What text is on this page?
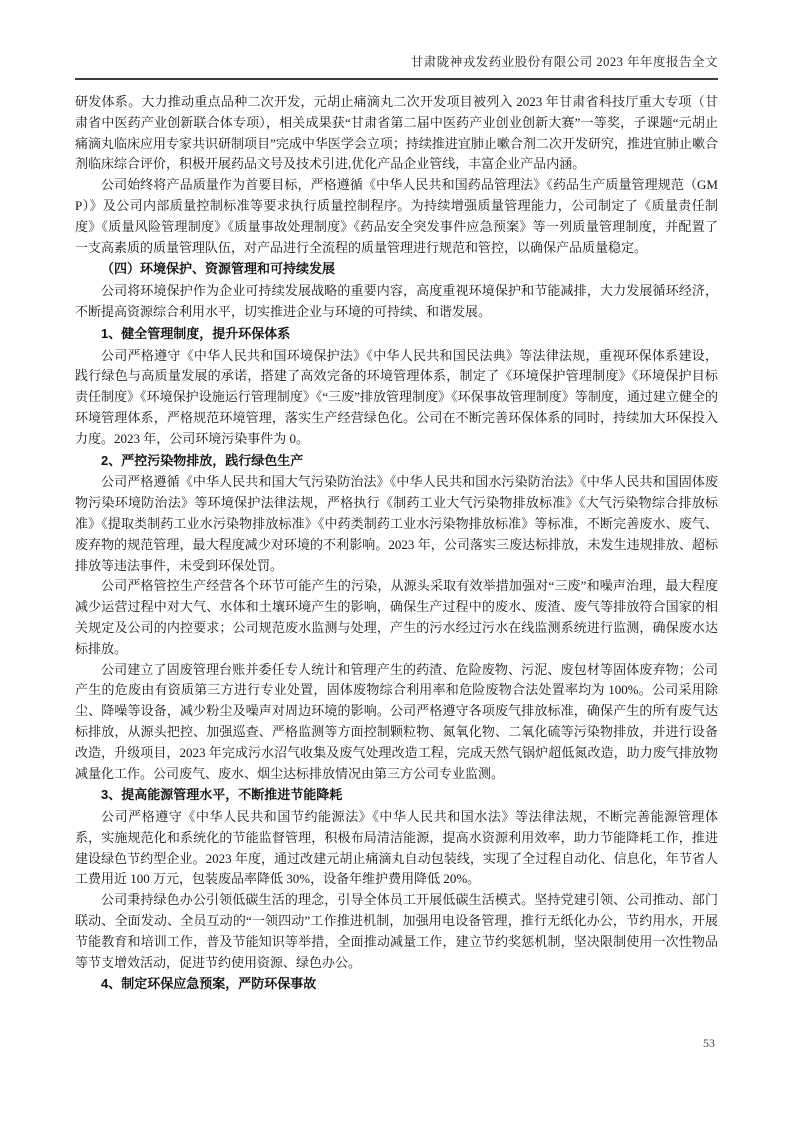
甘肃陇神戎发药业股份有限公司 2023 年年度报告全文

研发体系。大力推动重点品种二次开发，元胡止痛滴丸二次开发项目被列入 2023 年甘肃省科技厅重大专项（甘肃省中医药产业创新联合体专项），相关成果获“甘肃省第二届中医药产业创业创新大赛”一等奖，子课题“元胡止痛滴丸临床应用专家共识研制项目”完成中华医学会立项；持续推进宜肺止嗽合剂二次开发研究，推进宜肺止嗽合剂临床综合评价，积极开展药品文号及技术引进,优化产品企业管线，丰富企业产品内涵。

公司始终将产品质量作为首要目标，严格遵循《中华人民共和国药品管理法》《药品生产质量管理规范（GMP）》及公司内部质量控制标准等要求执行质量控制程序。为持续增强质量管理能力，公司制定了《质量责任制度》《质量风险管理制度》《质量事故处理制度》《药品安全突发事件应急预案》等一列质量管理制度，并配置了一支高素质的质量管理队伍，对产品进行全流程的质量管理进行规范和管控，以确保产品质量稳定。

（四）环境保护、资源管理和可持续发展

公司将环境保护作为企业可持续发展战略的重要内容，高度重视环境保护和节能减排，大力发展循环经济，不断提高资源综合利用水平，切实推进企业与环境的可持续、和谐发展。

1、健全管理制度，提升环保体系

公司严格遵守《中华人民共和国环境保护法》《中华人民共和国民法典》等法律法规，重视环保体系建设，践行绿色与高质量发展的承诺，搭建了高效完备的环境管理体系，制定了《环境保护管理制度》《环境保护目标责任制度》《环境保护设施运行管理制度》《“三废”排放管理制度》《环保事故管理制度》等制度，通过建立健全的环境管理体系，严格规范环境管理，落实生产经营绿色化。公司在不断完善环保体系的同时，持续加大环保投入力度。2023 年，公司环境污染事件为 0。

2、严控污染物排放，践行绿色生产

公司严格遵循《中华人民共和国大气污染防治法》《中华人民共和国水污染防治法》《中华人民共和国固体废物污染环境防治法》等环境保护法律法规，严格执行《制药工业大气污染物排放标准》《大气污染物综合排放标准》《提取类制药工业水污染物排放标准》《中药类制药工业水污染物排放标准》等标准，不断完善废水、废气、废弃物的规范管理，最大程度减少对环境的不利影响。2023 年，公司落实三废达标排放，未发生违规排放、超标排放等违法事件，未受到环保处罚。

公司严格管控生产经营各个环节可能产生的污染，从源头采取有效举措加强对“三废”和噪声治理，最大程度减少运营过程中对大气、水体和土壤环境产生的影响，确保生产过程中的废水、废渣、废气等排放符合国家的相关规定及公司的内控要求；公司规范废水监测与处理，产生的污水经过污水在线监测系统进行监测，确保废水达标排放。

公司建立了固废管理台账并委任专人统计和管理产生的药渣、危险废物、污泥、废包材等固体废弃物；公司产生的危废由有资质第三方进行专业处置，固体废物综合利用率和危险废物合法处置率均为 100%。公司采用除尘、降噪等设备，减少粉尘及噪声对周边环境的影响。公司严格遵守各项废气排放标准，确保产生的所有废气达标排放，从源头把控、加强巡查、严格监测等方面控制颗粒物、氮氧化物、二氧化硫等污染物排放，并进行设备改造，升级项目，2023 年完成污水沼气收集及废气处理改造工程，完成天然气锅炉超低氮改造，助力废气排放物减量化工作。公司废气、废水、烟尘达标排放情况由第三方公司专业监测。

3、提高能源管理水平，不断推进节能降耗

公司严格遵守《中华人民共和国节约能源法》《中华人民共和国水法》等法律法规，不断完善能源管理体系，实施规范化和系统化的节能监督管理，积极布局清洁能源，提高水资源利用效率，助力节能降耗工作，推进建设绿色节约型企业。2023 年度，通过改建元胡止痛滴丸自动包装线，实现了全过程自动化、信息化，年节省人工费用近 100 万元，包装废品率降低 30%，设备年维护费用降低 20%。

公司秉持绿色办公引领低碳生活的理念，引导全体员工开展低碳生活模式。坚持党建引领、公司推动、部门联动、全面发动、全员互动的“一领四动”工作推进机制，加强用电设备管理，推行无纸化办公，节约用水，开展节能教育和培训工作，普及节能知识等举措，全面推动减量工作，建立节约奖惩机制，坚决限制使用一次性物品等节支增效活动，促进节约使用资源、绿色办公。

4、制定环保应急预案，严防环保事故

53
